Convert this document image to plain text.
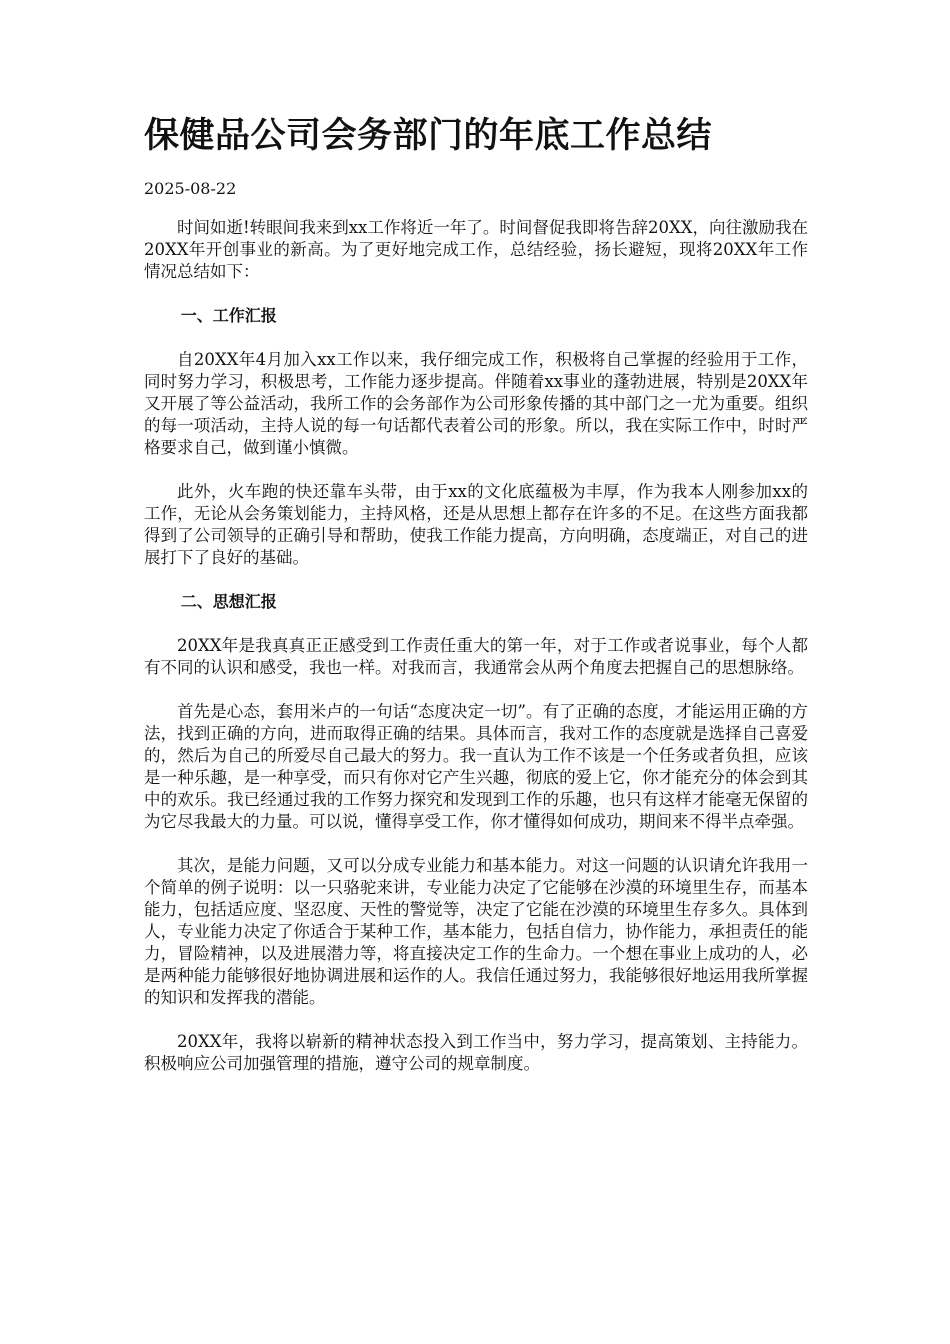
保健品公司会务部门的年底工作总结
2025-08-22

时间如逝!转眼间我来到xx工作将近一年了。时间督促我即将告辞20XX，向往激励我在20XX年开创事业的新高。为了更好地完成工作，总结经验，扬长避短，现将20XX年工作情况总结如下：

一、工作汇报

自20XX年4月加入xx工作以来，我仔细完成工作，积极将自己掌握的经验用于工作，同时努力学习，积极思考，工作能力逐步提高。伴随着xx事业的蓬勃进展，特别是20XX年又开展了等公益活动，我所工作的会务部作为公司形象传播的其中部门之一尤为重要。组织的每一项活动，主持人说的每一句话都代表着公司的形象。所以，我在实际工作中，时时严格要求自己，做到谨小慎微。

此外，火车跑的快还靠车头带，由于xx的文化底蕴极为丰厚，作为我本人刚参加xx的工作，无论从会务策划能力，主持风格，还是从思想上都存在许多的不足。在这些方面我都得到了公司领导的正确引导和帮助，使我工作能力提高，方向明确，态度端正，对自己的进展打下了良好的基础。

二、思想汇报

20XX年是我真真正正感受到工作责任重大的第一年，对于工作或者说事业，每个人都有不同的认识和感受，我也一样。对我而言，我通常会从两个角度去把握自己的思想脉络。

首先是心态，套用米卢的一句话“态度决定一切”。有了正确的态度，才能运用正确的方法，找到正确的方向，进而取得正确的结果。具体而言，我对工作的态度就是选择自己喜爱的，然后为自己的所爱尽自己最大的努力。我一直认为工作不该是一个任务或者负担，应该是一种乐趣，是一种享受，而只有你对它产生兴趣，彻底的爱上它，你才能充分的体会到其中的欢乐。我已经通过我的工作努力探究和发现到工作的乐趣，也只有这样才能毫无保留的为它尽我最大的力量。可以说，懂得享受工作，你才懂得如何成功，期间来不得半点牵强。

其次，是能力问题，又可以分成专业能力和基本能力。对这一问题的认识请允许我用一个简单的例子说明：以一只骆驼来讲，专业能力决定了它能够在沙漠的环境里生存，而基本能力，包括适应度、坚忍度、天性的警觉等，决定了它能在沙漠的环境里生存多久。具体到人，专业能力决定了你适合于某种工作，基本能力，包括自信力，协作能力，承担责任的能力，冒险精神，以及进展潜力等，将直接决定工作的生命力。一个想在事业上成功的人，必是两种能力能够很好地协调进展和运作的人。我信任通过努力，我能够很好地运用我所掌握的知识和发挥我的潜能。

20XX年，我将以崭新的精神状态投入到工作当中，努力学习，提高策划、主持能力。积极响应公司加强管理的措施，遵守公司的规章制度。
